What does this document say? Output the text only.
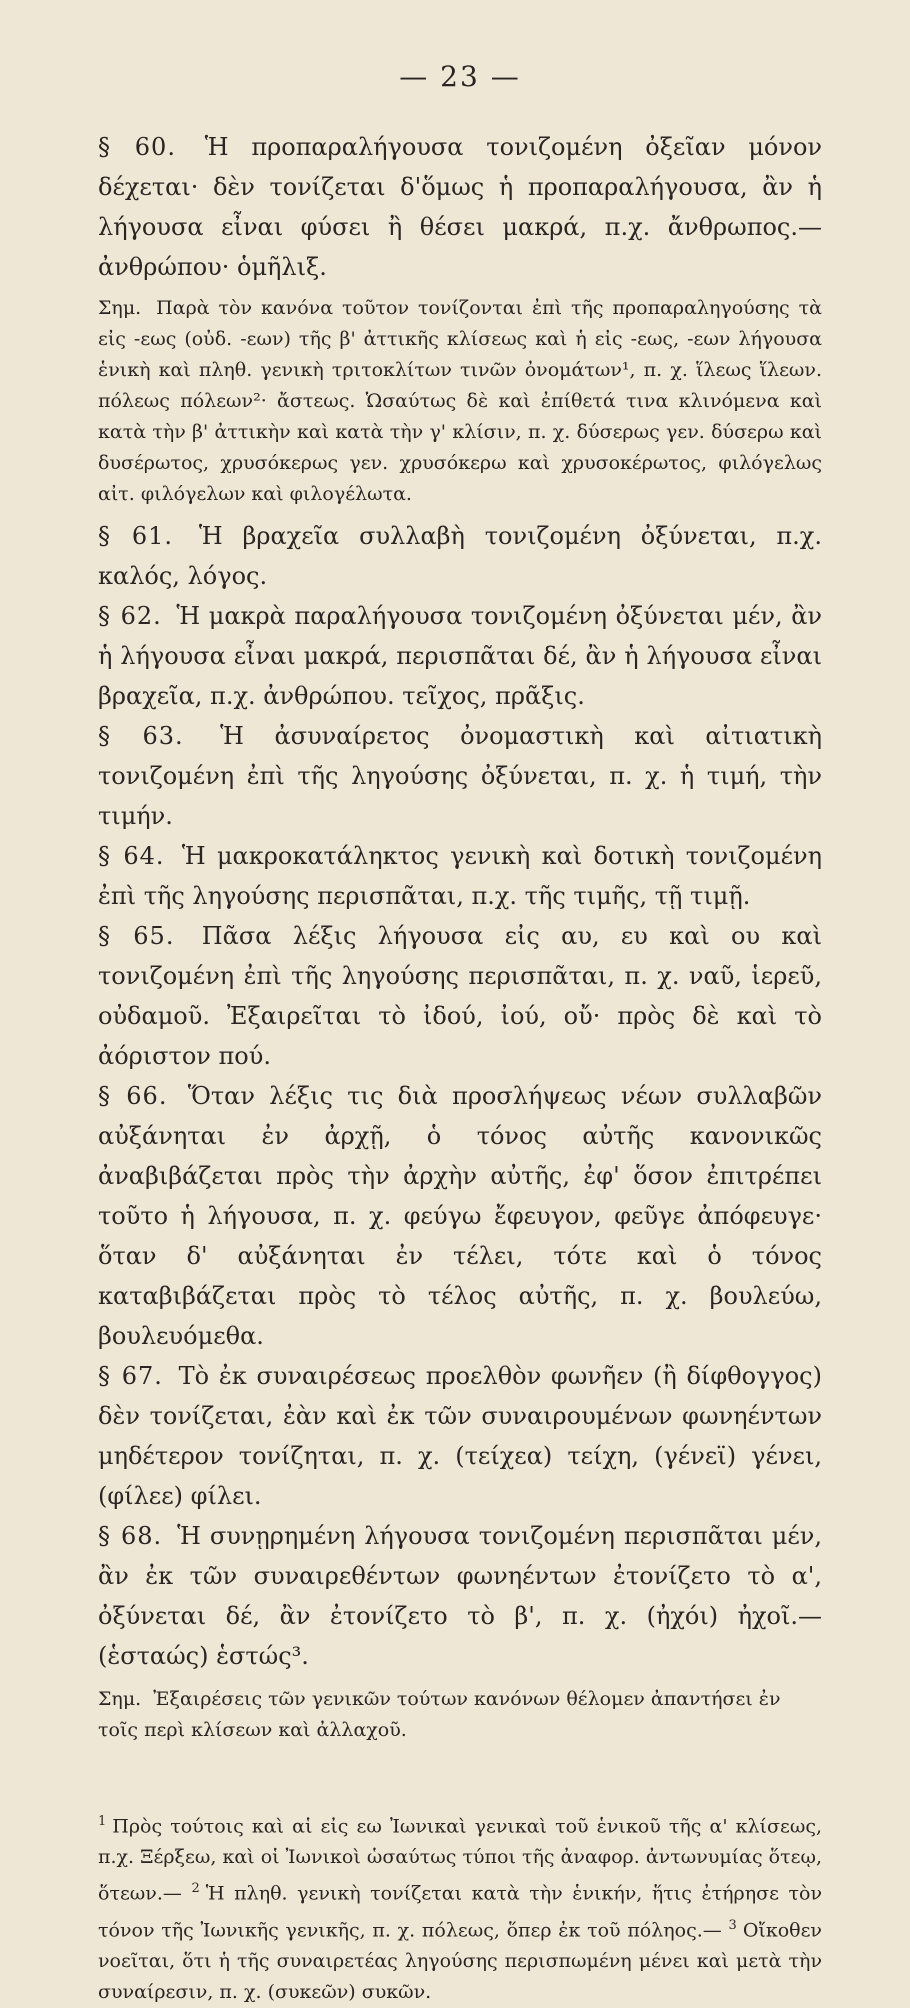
— 23 —

§ 60. Ἡ προπαραλήγουσα τονιζομένη ὀξεῖαν μόνον δέχεται· δὲν τονίζεται δ'ὅμως ἡ προπαραλήγουσα, ἂν ἡ λήγουσα εἶναι φύσει ἢ θέσει μακρά, π.χ. ἄνθρωπος.—ἀνθρώπου· ὁμῆλιξ.

Σημ. Παρὰ τὸν κανόνα τοῦτον τονίζονται ἐπὶ τῆς προπαραληγούσης τὰ εἰς -εως (οὐδ. -εων) τῆς β' ἀττικῆς κλίσεως καὶ ἡ εἰς -εως, -εων λήγουσα ἑνικὴ καὶ πληθ. γενικὴ τριτοκλίτων τινῶν ὀνομάτων¹, π. χ. ἵλεως ἵλεων. πόλεως πόλεων²· ἄστεως. Ὡσαύτως δὲ καὶ ἐπίθετά τινα κλινόμενα καὶ κατὰ τὴν β' ἀττικὴν καὶ κατὰ τὴν γ' κλίσιν, π. χ. δύσερως γεν. δύσερω καὶ δυσέρωτος, χρυσόκερως γεν. χρυσόκερω καὶ χρυσοκέρωτος, φιλόγελως αἰτ. φιλόγελων καὶ φιλογέλωτα.

§ 61. Ἡ βραχεῖα συλλαβὴ τονιζομένη ὀξύνεται, π.χ. καλός, λόγος.

§ 62. Ἡ μακρὰ παραλήγουσα τονιζομένη ὀξύνεται μέν, ἂν ἡ λήγουσα εἶναι μακρά, περισπᾶται δέ, ἂν ἡ λήγουσα εἶναι βραχεῖα, π.χ. ἀνθρώπου. τεῖχος, πρᾶξις.

§ 63. Ἡ ἀσυναίρετος ὀνομαστικὴ καὶ αἰτιατικὴ τονιζομένη ἐπὶ τῆς ληγούσης ὀξύνεται, π. χ. ἡ τιμή, τὴν τιμήν.

§ 64. Ἡ μακροκατάληκτος γενικὴ καὶ δοτικὴ τονιζομένη ἐπὶ τῆς ληγούσης περισπᾶται, π.χ. τῆς τιμῆς, τῇ τιμῇ.

§ 65. Πᾶσα λέξις λήγουσα εἰς αυ, ευ καὶ ου καὶ τονιζομένη ἐπὶ τῆς ληγούσης περισπᾶται, π. χ. ναῦ, ἱερεῦ, οὐδαμοῦ. Ἐξαιρεῖται τὸ ἰδού, ἰού, οὔ· πρὸς δὲ καὶ τὸ ἀόριστον πού.

§ 66. Ὅταν λέξις τις διὰ προσλήψεως νέων συλλαβῶν αὐξάνηται ἐν ἀρχῇ, ὁ τόνος αὐτῆς κανονικῶς ἀναβιβάζεται πρὸς τὴν ἀρχὴν αὐτῆς, ἐφ' ὅσον ἐπιτρέπει τοῦτο ἡ λήγουσα, π. χ. φεύγω ἔφευγον, φεῦγε ἀπόφευγε· ὅταν δ' αὐξάνηται ἐν τέλει, τότε καὶ ὁ τόνος καταβιβάζεται πρὸς τὸ τέλος αὐτῆς, π. χ. βουλεύω, βουλευόμεθα.

§ 67. Τὸ ἐκ συναιρέσεως προελθὸν φωνῆεν (ἢ δίφθογγος) δὲν τονίζεται, ἐὰν καὶ ἐκ τῶν συναιρουμένων φωνηέντων μηδέτερον τονίζηται, π. χ. (τείχεα) τείχη, (γένεϊ) γένει, (φίλεε) φίλει.

§ 68. Ἡ συνῃρημένη λήγουσα τονιζομένη περισπᾶται μέν, ἂν ἐκ τῶν συναιρεθέντων φωνηέντων ἐτονίζετο τὸ α', ὀξύνεται δέ, ἂν ἐτονίζετο τὸ β', π. χ. (ἠχόι) ἠχοῖ.—(ἑσταώς) ἑστώς³.

Σημ. Ἐξαιρέσεις τῶν γενικῶν τούτων κανόνων θέλομεν ἀπαντήσει ἐν τοῖς περὶ κλίσεων καὶ ἀλλαχοῦ.

$^1$ Πρὸς τούτοις καὶ αἱ εἰς εω Ἰωνικαὶ γενικαὶ τοῦ ἑνικοῦ τῆς α' κλίσεως, π.χ. Ξέρξεω, καὶ οἱ Ἰωνικοὶ ὡσαύτως τύποι τῆς ἀναφορ. ἀντωνυμίας ὅτεῳ, ὅτεων.— $^2$ Ἡ πληθ. γενικὴ τονίζεται κατὰ τὴν ἑνικήν, ἥτις ἐτήρησε τὸν τόνον τῆς Ἰωνικῆς γενικῆς, π. χ. πόλεως, ὅπερ ἐκ τοῦ πόληος.— $^3$ Οἴκοθεν νοεῖται, ὅτι ἡ τῆς συναιρετέας ληγούσης περισπωμένη μένει καὶ μετὰ τὴν συναίρεσιν, π. χ. (συκεῶν) συκῶν.
